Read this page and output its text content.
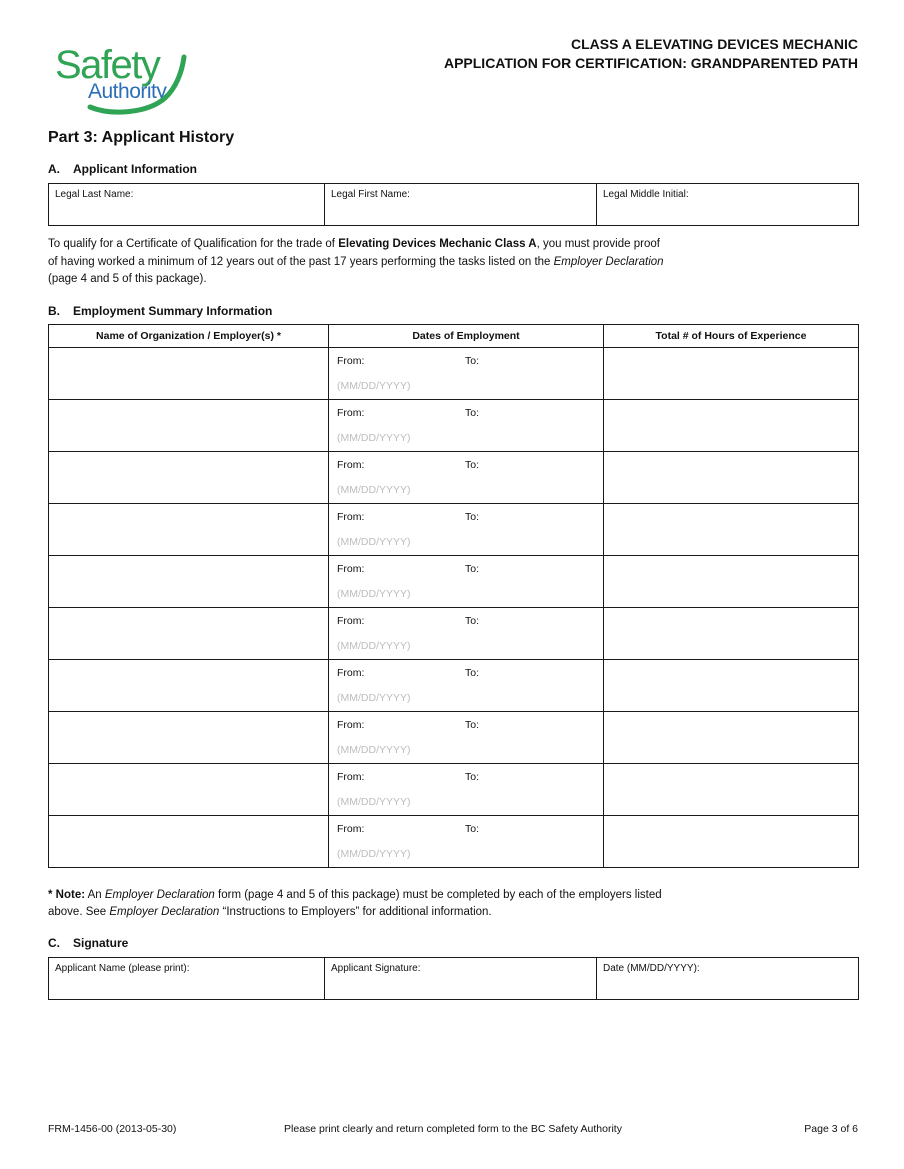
Safety
Authority
CLASS A ELEVATING DEVICES MECHANIC
APPLICATION FOR CERTIFICATION: GRANDPARENTED PATH
Part 3: Applicant History
A. Applicant Information
Legal Last Name:	Legal First Name:	Legal Middle Initial:

To qualify for a Certificate of Qualification for the trade of Elevating Devices Mechanic Class A, you must provide proof
of having worked a minimum of 12 years out of the past 17 years performing the tasks listed on the Employer Declaration
(page 4 and 5 of this package).

B. Employment Summary Information
Name of Organization / Employer(s) *	Dates of Employment	Total # of Hours of Experience

	From: To:
(MM/DD/YYYY)	

	From: To:
(MM/DD/YYYY)	

	From: To:
(MM/DD/YYYY)	

	From: To:
(MM/DD/YYYY)	

	From: To:
(MM/DD/YYYY)	

	From: To:
(MM/DD/YYYY)	

	From: To:
(MM/DD/YYYY)	

	From: To:
(MM/DD/YYYY)	

	From: To:
(MM/DD/YYYY)	

	From: To:
(MM/DD/YYYY)	

* Note: An Employer Declaration form (page 4 and 5 of this package) must be completed by each of the employers listed
above. See Employer Declaration “Instructions to Employers” for additional information.

C. Signature
Applicant Name (please print):	Applicant Signature:	Date (MM/DD/YYYY):
FRM-1456-00 (2013-05-30)	Please print clearly and return completed form to the BC Safety Authority	Page 3 of 6
